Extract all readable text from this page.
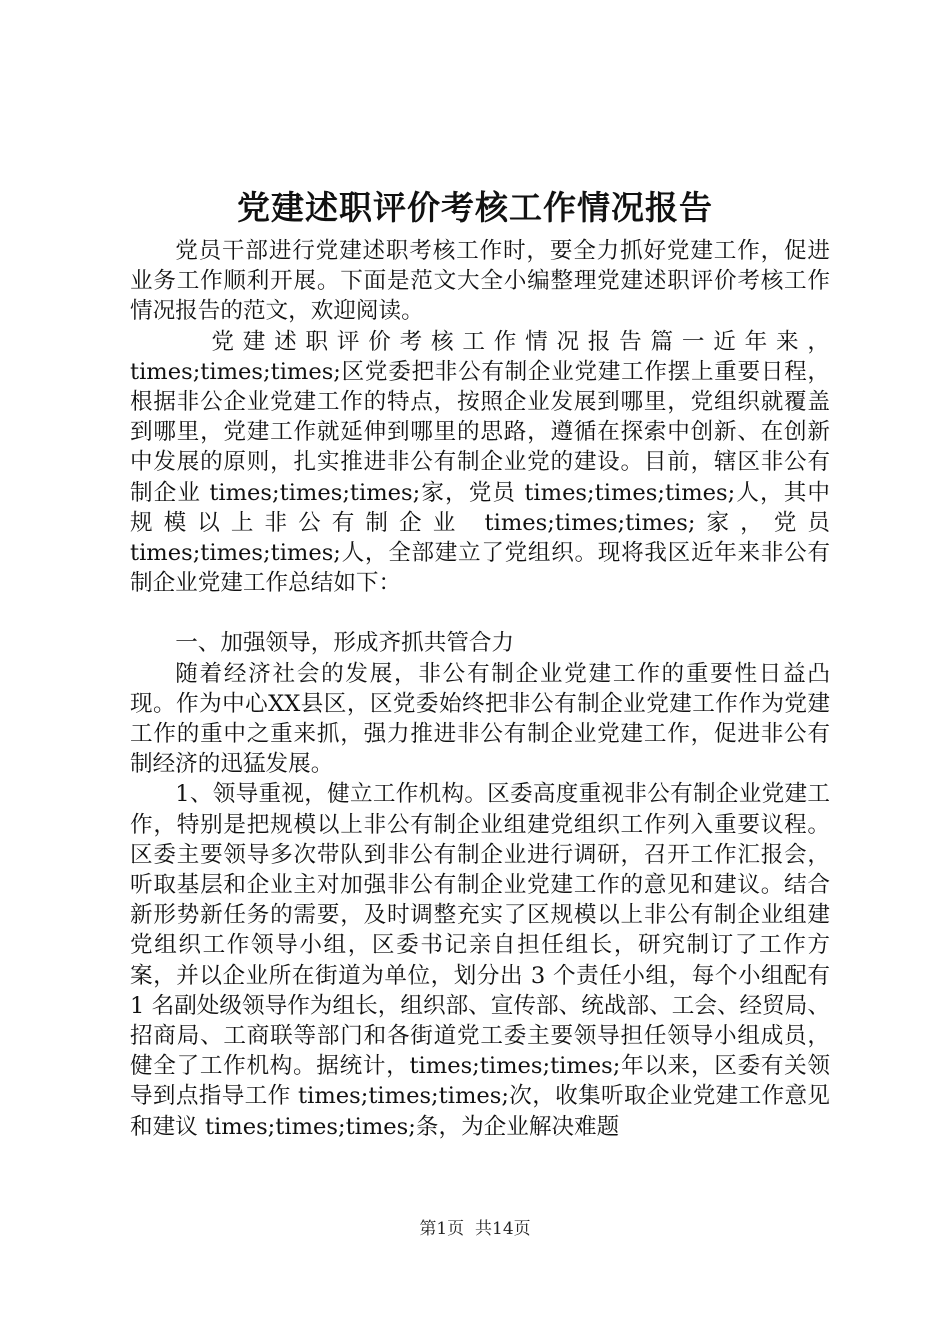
党建述职评价考核工作情况报告

党员干部进行党建述职考核工作时，要全力抓好党建工作，促进业务工作顺利开展。下面是范文大全小编整理党建述职评价考核工作情况报告的范文，欢迎阅读。

党建述职评价考核工作情况报告篇一近年来，times;times;times;区党委把非公有制企业党建工作摆上重要日程，根据非公企业党建工作的特点，按照企业发展到哪里，党组织就覆盖到哪里，党建工作就延伸到哪里的思路，遵循在探索中创新、在创新中发展的原则，扎实推进非公有制企业党的建设。目前，辖区非公有制企业 times;times;times;家，党员 times;times;times;人，其中规模以上非公有制企业 times;times;times;家，党员 times;times;times;人，全部建立了党组织。现将我区近年来非公有制企业党建工作总结如下：

一、加强领导，形成齐抓共管合力

随着经济社会的发展，非公有制企业党建工作的重要性日益凸现。作为中心XX县区，区党委始终把非公有制企业党建工作作为党建工作的重中之重来抓，强力推进非公有制企业党建工作，促进非公有制经济的迅猛发展。

1、领导重视，健立工作机构。区委高度重视非公有制企业党建工作，特别是把规模以上非公有制企业组建党组织工作列入重要议程。区委主要领导多次带队到非公有制企业进行调研，召开工作汇报会，听取基层和企业主对加强非公有制企业党建工作的意见和建议。结合新形势新任务的需要，及时调整充实了区规模以上非公有制企业组建党组织工作领导小组，区委书记亲自担任组长，研究制订了工作方案，并以企业所在街道为单位，划分出 3 个责任小组，每个小组配有 1 名副处级领导作为组长，组织部、宣传部、统战部、工会、经贸局、招商局、工商联等部门和各街道党工委主要领导担任领导小组成员，健全了工作机构。据统计，times;times;times;年以来，区委有关领导到点指导工作 times;times;times;次，收集听取企业党建工作意见和建议 times;times;times;条，为企业解决难题

第1页 共14页
